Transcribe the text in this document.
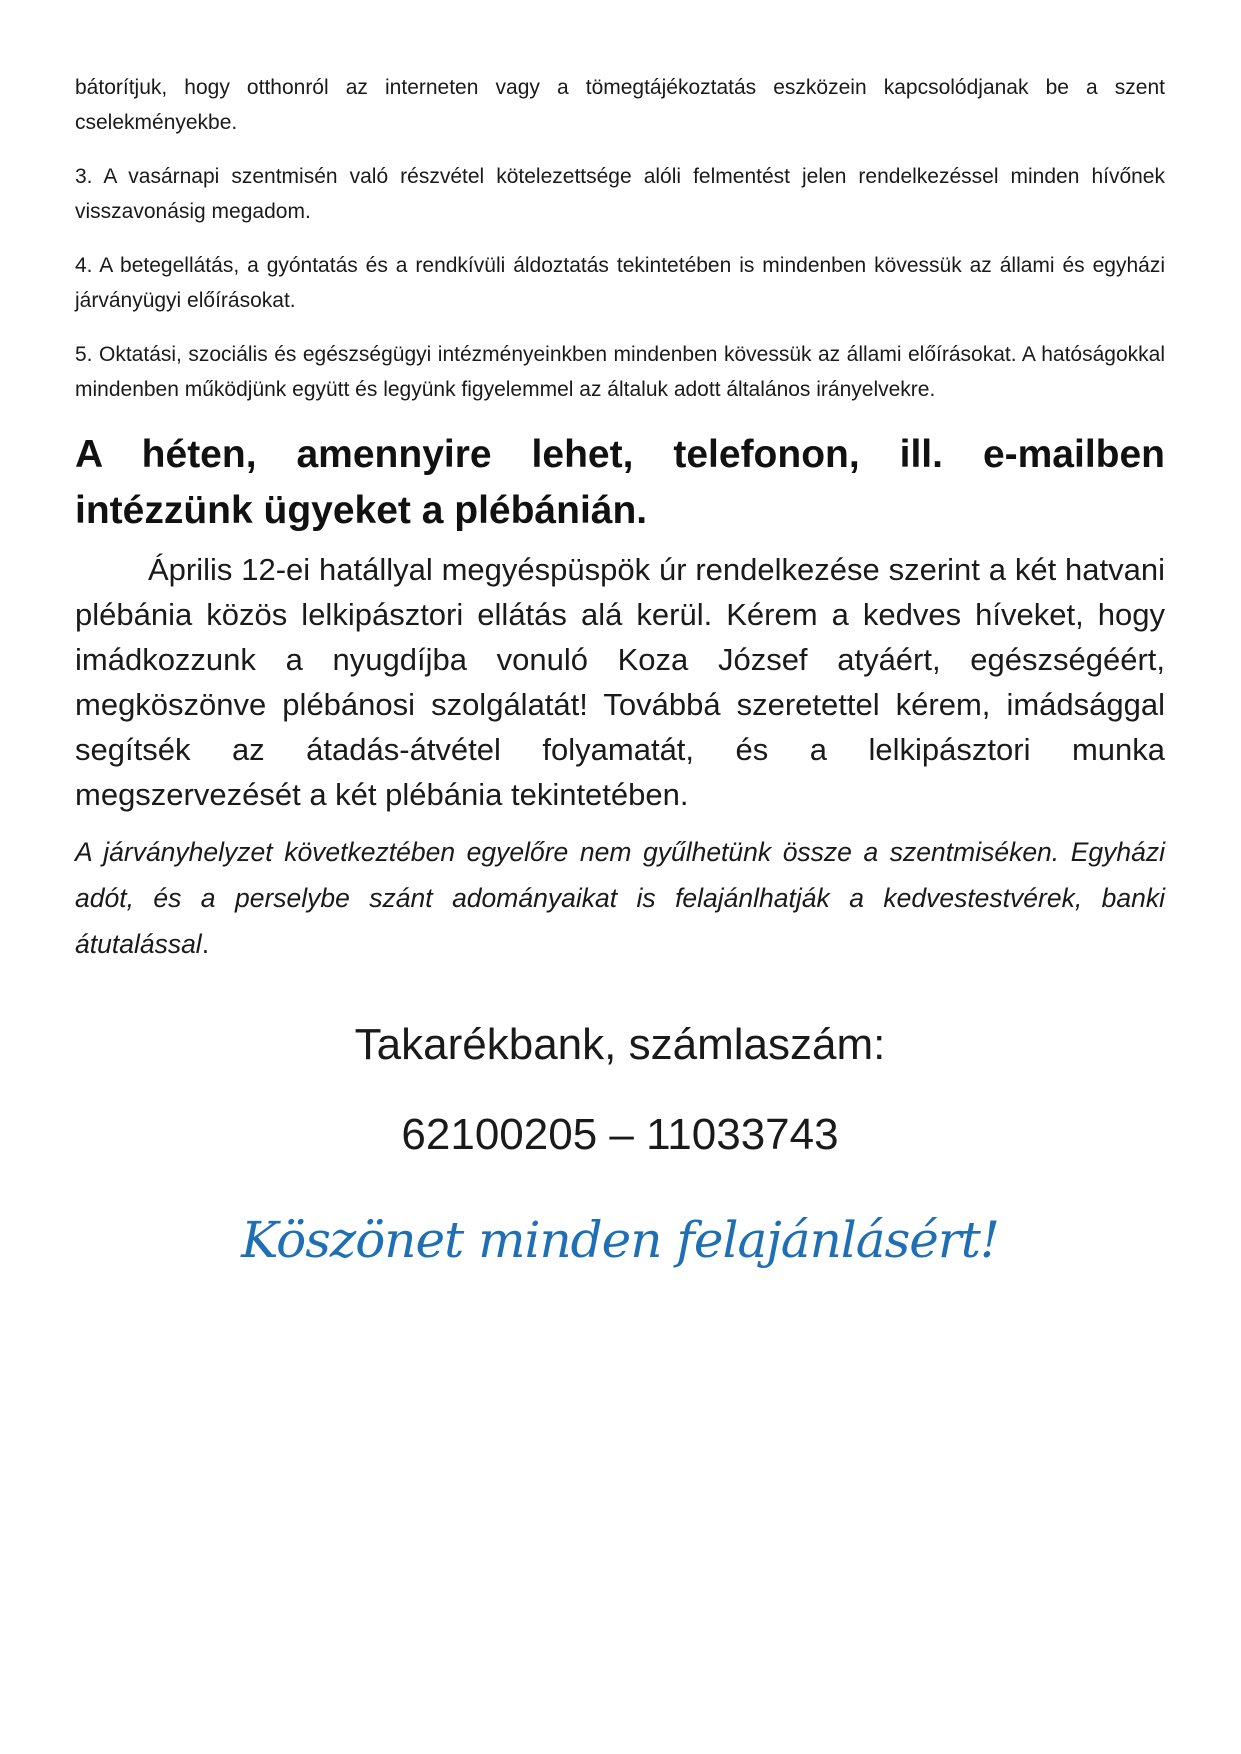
bátorítjuk, hogy otthonról az interneten vagy a tömegtájékoztatás eszközein kapcsolódjanak be a szent cselekményekbe.

3. A vasárnapi szentmisén való részvétel kötelezettsége alóli felmentést jelen rendelkezéssel minden hívőnek visszavonásig megadom.

4. A betegellátás, a gyóntatás és a rendkívüli áldoztatás tekintetében is mindenben kövessük az állami és egyházi járványügyi előírásokat.

5. Oktatási, szociális és egészségügyi intézményeinkben mindenben kövessük az állami előírásokat. A hatóságokkal mindenben működjünk együtt és legyünk figyelemmel az általuk adott általános irányelvekre.

A héten, amennyire lehet, telefonon, ill. e-mailben intézzünk ügyeket a plébánián.

Április 12-ei hatállyal megyéspüspök úr rendelkezése szerint a két hatvani plébánia közös lelkipásztori ellátás alá kerül. Kérem a kedves híveket, hogy imádkozzunk a nyugdíjba vonuló Koza József atyáért, egészségéért, megköszönve plébánosi szolgálatát! Továbbá szeretettel kérem, imádsággal segítsék az átadás-átvétel folyamatát, és a lelkipásztori munka megszervezését a két plébánia tekintetében.

A járványhelyzet következtében egyelőre nem gyűlhetünk össze a szentmiséken. Egyházi adót, és a perselybe szánt adományaikat is felajánlhatják a kedvestestvérek, banki átutalással.

Takarékbank, számlaszám:
62100205 – 11033743
Köszönet minden felajánlásért!
